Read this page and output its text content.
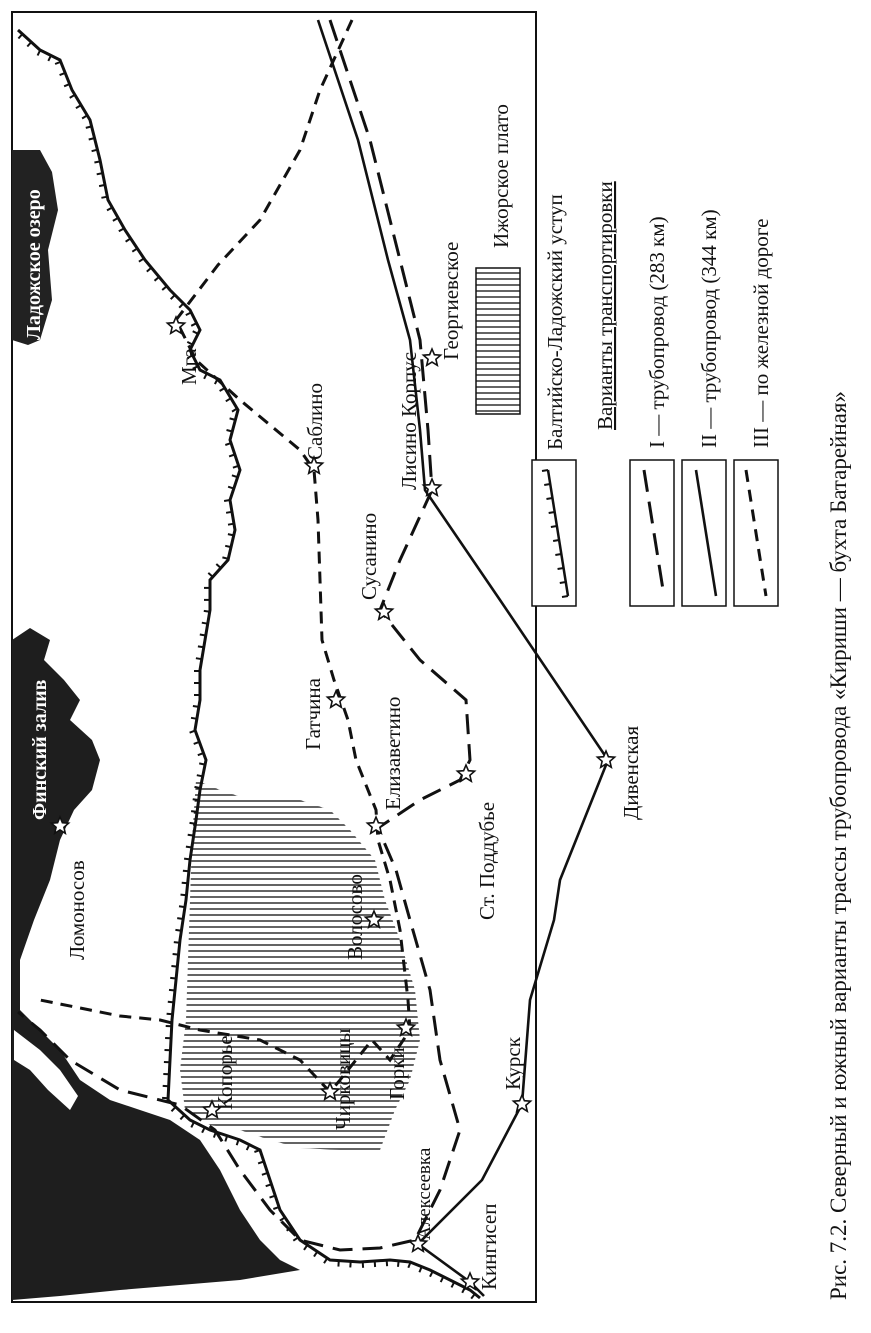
Ладожское озеро
Финский залив
Мга
Саблино
Георгиевское
Лисино Корпус
Сусанино
Гатчина	Елизаветино	Дивенская
Ст. Поддубье
Ломоносов	Волосово
Чирковицы Горки
Копорье
Алексеевка
Курск
Кингисеп
Ижорское плато
Балтийско-Ладожский уступ Варианты транспортировки I — трубопровод (283 км) II — трубопровод (344 км) III — по железной дороге
Рис. 7.2. Северный и южный варианты трассы трубопровода «Кириши — бухта Батарейная»
